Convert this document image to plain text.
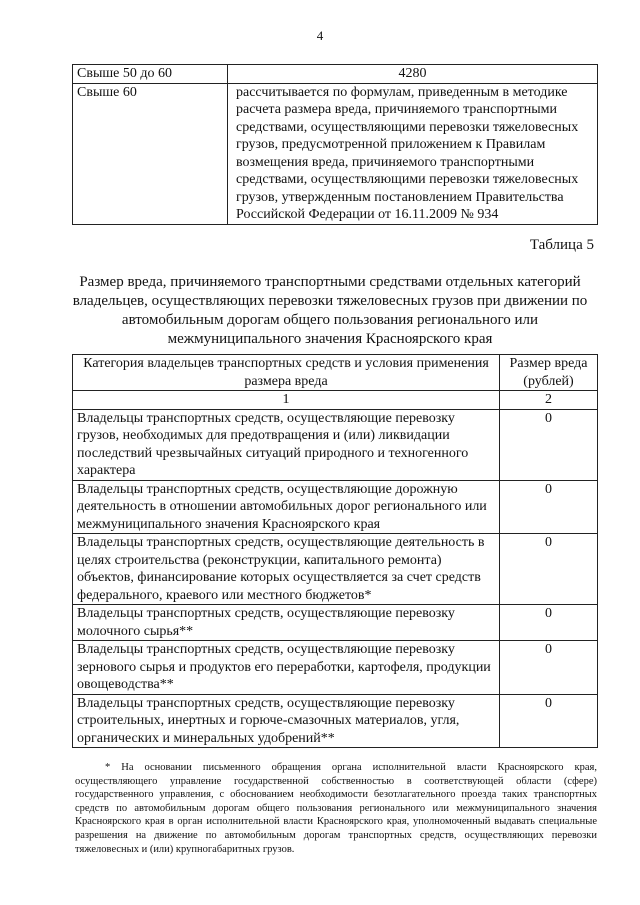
4
Свыше 50 до 60	4280
Свыше 60	рассчитывается по формулам, приведенным в методике расчета размера вреда, причиняемого транспортными средствами, осуществляющими перевозки тяжеловесных грузов, предусмотренной приложением к Правилам возмещения вреда, причиняемого транспортными средствами, осуществляющими перевозки тяжеловесных грузов, утвержденным постановлением Правительства Российской Федерации от 16.11.2009 № 934
Таблица 5
Размер вреда, причиняемого транспортными средствами отдельных категорий владельцев, осуществляющих перевозки тяжеловесных грузов при движении по автомобильным дорогам общего пользования регионального или межмуниципального значения Красноярского края
Категория владельцев транспортных средств и условия применения размера вреда	Размер вреда (рублей)
1	2
Владельцы транспортных средств, осуществляющие перевозку грузов, необходимых для предотвращения и (или) ликвидации последствий чрезвычайных ситуаций природного и техногенного характера	0
Владельцы транспортных средств, осуществляющие дорожную деятельность в отношении автомобильных дорог регионального или межмуниципального значения Красноярского края	0
Владельцы транспортных средств, осуществляющие деятельность в целях строительства (реконструкции, капитального ремонта) объектов, финансирование которых осуществляется за счет средств федерального, краевого или местного бюджетов*	0
Владельцы транспортных средств, осуществляющие перевозку молочного сырья**	0
Владельцы транспортных средств, осуществляющие перевозку зернового сырья и продуктов его переработки, картофеля, продукции овощеводства**	0
Владельцы транспортных средств, осуществляющие перевозку строительных, инертных и горюче-смазочных материалов, угля, органических и минеральных удобрений**	0
* На основании письменного обращения органа исполнительной власти Красноярского края, осуществляющего управление государственной собственностью в соответствующей области (сфере) государственного управления, с обоснованием необходимости безотлагательного проезда таких транспортных средств по автомобильным дорогам общего пользования регионального или межмуниципального значения Красноярского края в орган исполнительной власти Красноярского края, уполномоченный выдавать специальные разрешения на движение по автомобильным дорогам транспортных средств, осуществляющих перевозки тяжеловесных и (или) крупногабаритных грузов.
